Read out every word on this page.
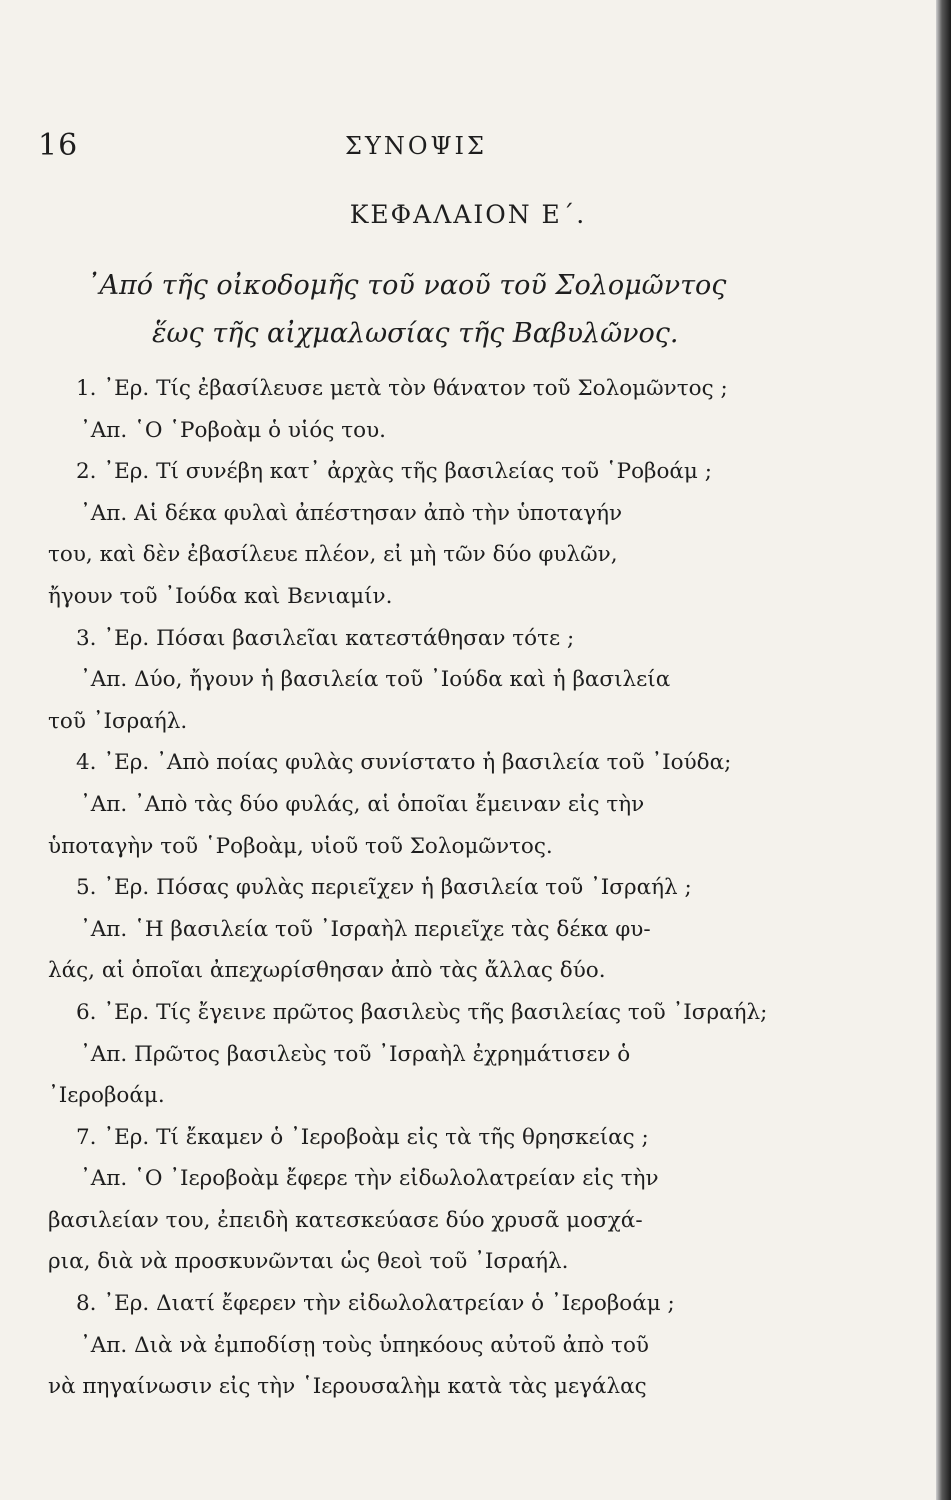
16	ΣΥΝΟΨΙΣ
ΚΕΦΑΛΑΙΟΝ Ε΄.
᾿Από τῆς οἰκοδομῆς τοῦ ναοῦ τοῦ Σολομῶντος
ἕως τῆς αἰχμαλωσίας τῆς Βαβυλῶνος.
1. ᾿Ερ. Τίς ἐβασίλευσε μετὰ τὸν θάνατον τοῦ Σολομῶντος ;
᾿Απ. ῾Ο ῾Ροβοὰμ ὁ υἱός του.
2. ᾿Ερ. Τί συνέβη κατ᾿ ἀρχὰς τῆς βασιλείας τοῦ ῾Ροβοάμ ;
᾿Απ. Αἱ δέκα φυλαὶ ἀπέστησαν ἀπὸ τὴν ὑποταγήν
του, καὶ δὲν ἐβασίλευε πλέον, εἰ μὴ τῶν δύο φυλῶν,
ἤγουν τοῦ ᾿Ιούδα καὶ Βενιαμίν.
3. ᾿Ερ. Πόσαι βασιλεῖαι κατεστάθησαν τότε ;
᾿Απ. Δύο, ἤγουν ἡ βασιλεία τοῦ ᾿Ιούδα καὶ ἡ βασιλεία
τοῦ ᾿Ισραήλ.
4. ᾿Ερ. ᾿Απὸ ποίας φυλὰς συνίστατο ἡ βασιλεία τοῦ ᾿Ιούδα;
᾿Απ. ᾿Απὸ τὰς δύο φυλάς, αἱ ὁποῖαι ἔμειναν εἰς τὴν
ὑποταγὴν τοῦ ῾Ροβοὰμ, υἱοῦ τοῦ Σολομῶντος.
5. ᾿Ερ. Πόσας φυλὰς περιεῖχεν ἡ βασιλεία τοῦ ᾿Ισραήλ ;
᾿Απ. ῾Η βασιλεία τοῦ ᾿Ισραὴλ περιεῖχε τὰς δέκα φυ-
λάς, αἱ ὁποῖαι ἀπεχωρίσθησαν ἀπὸ τὰς ἄλλας δύο.
6. ᾿Ερ. Τίς ἔγεινε πρῶτος βασιλεὺς τῆς βασιλείας τοῦ ᾿Ισραήλ;
᾿Απ. Πρῶτος βασιλεὺς τοῦ ᾿Ισραὴλ ἐχρημάτισεν ὁ
᾿Ιεροβοάμ.
7. ᾿Ερ. Τί ἔκαμεν ὁ ᾿Ιεροβοὰμ εἰς τὰ τῆς θρησκείας ;
᾿Απ. ῾Ο ᾿Ιεροβοὰμ ἔφερε τὴν εἰδωλολατρείαν εἰς τὴν
βασιλείαν του, ἐπειδὴ κατεσκεύασε δύο χρυσᾶ μοσχά-
ρια, διὰ νὰ προσκυνῶνται ὡς θεοὶ τοῦ ᾿Ισραήλ.
8. ᾿Ερ. Διατί ἔφερεν τὴν εἰδωλολατρείαν ὁ ᾿Ιεροβοάμ ;
᾿Απ. Διὰ νὰ ἐμποδίσῃ τοὺς ὑπηκόους αὐτοῦ ἀπὸ τοῦ
νὰ πηγαίνωσιν εἰς τὴν ῾Ιερουσαλὴμ κατὰ τὰς μεγάλας
